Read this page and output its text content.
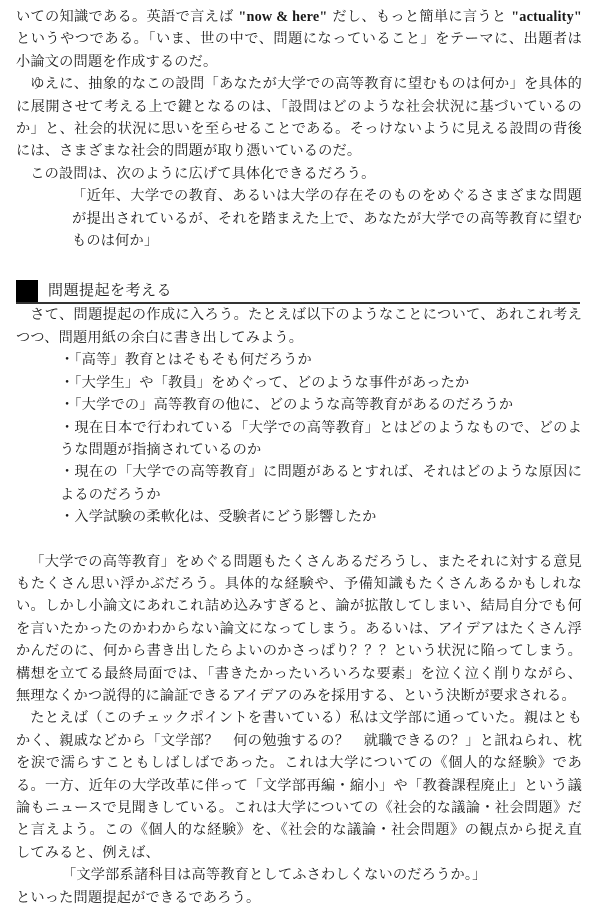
いての知識である。英語で言えば "now & here" だし、もっと簡単に言うと "actuality" というやつである。「いま、世の中で、問題になっていること」をテーマに、出題者は小論文の問題を作成するのだ。

ゆえに、抽象的なこの設問「あなたが大学での高等教育に望むものは何か」を具体的に展開させて考える上で鍵となるのは、「設問はどのような社会状況に基づいているのか」と、社会的状況に思いを至らせることである。そっけないように見える設問の背後には、さまざまな社会的問題が取り憑いているのだ。

この設問は、次のように広げて具体化できるだろう。

「近年、大学での教育、あるいは大学の存在そのものをめぐるさまざまな問題が提出されているが、それを踏まえた上で、あなたが大学での高等教育に望むものは何か」

問題提起を考える

さて、問題提起の作成に入ろう。たとえば以下のようなことについて、あれこれ考えつつ、問題用紙の余白に書き出してみよう。

・「高等」教育とはそもそも何だろうか

・「大学生」や「教員」をめぐって、どのような事件があったか

・「大学での」高等教育の他に、どのような高等教育があるのだろうか

・現在日本で行われている「大学での高等教育」とはどのようなもので、どのような問題が指摘されているのか

・現在の「大学での高等教育」に問題があるとすれば、それはどのような原因によるのだろうか

・入学試験の柔軟化は、受験者にどう影響したか

「大学での高等教育」をめぐる問題もたくさんあるだろうし、またそれに対する意見もたくさん思い浮かぶだろう。具体的な経験や、予備知識もたくさんあるかもしれない。しかし小論文にあれこれ詰め込みすぎると、論が拡散してしまい、結局自分でも何を言いたかったのかわからない論文になってしまう。あるいは、アイデアはたくさん浮かんだのに、何から書き出したらよいのかさっぱり？？？という状況に陥ってしまう。構想を立てる最終局面では、「書きたかったいろいろな要素」を泣く泣く削りながら、無理なくかつ説得的に論証できるアイデアのみを採用する、という決断が要求される。

たとえば（このチェックポイントを書いている）私は文学部に通っていた。親はともかく、親戚などから「文学部？　何の勉強するの？　就職できるの？」と訊ねられ、枕を涙で濡らすこともしばしばであった。これは大学についての《個人的な経験》である。一方、近年の大学改革に伴って「文学部再編・縮小」や「教養課程廃止」という議論もニュースで見聞きしている。これは大学についての《社会的な議論・社会問題》だと言えよう。この《個人的な経験》を、《社会的な議論・社会問題》の観点から捉え直してみると、例えば、

「文学部系諸科目は高等教育としてふさわしくないのだろうか。」

といった問題提起ができるであろう。
